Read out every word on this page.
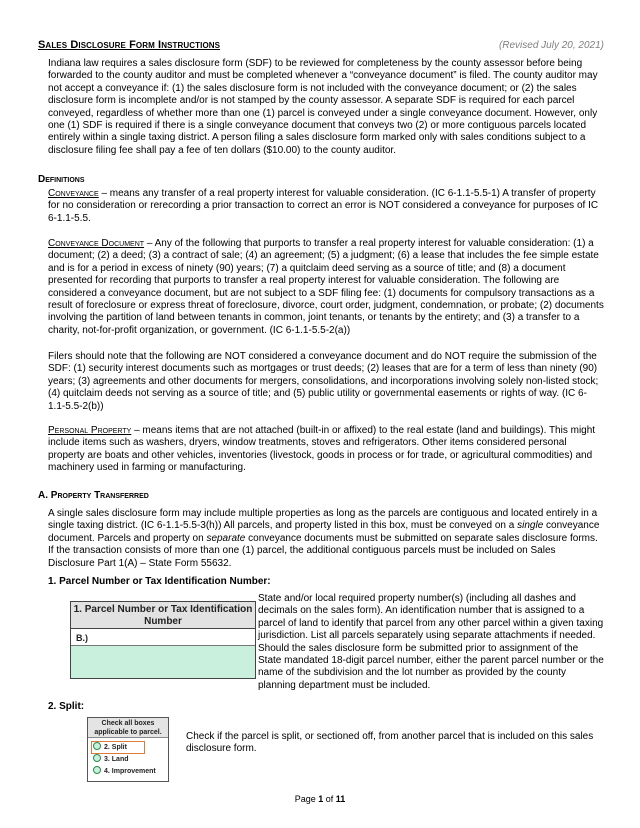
Sales Disclosure Form Instructions	(Revised July 20, 2021)

Indiana law requires a sales disclosure form (SDF) to be reviewed for completeness by the county assessor before being forwarded to the county auditor and must be completed whenever a “conveyance document” is filed. The county auditor may not accept a conveyance if: (1) the sales disclosure form is not included with the conveyance document; or (2) the sales disclosure form is incomplete and/or is not stamped by the county assessor. A separate SDF is required for each parcel conveyed, regardless of whether more than one (1) parcel is conveyed under a single conveyance document. However, only one (1) SDF is required if there is a single conveyance document that conveys two (2) or more contiguous parcels located entirely within a single taxing district. A person filing a sales disclosure form marked only with sales conditions subject to a disclosure filing fee shall pay a fee of ten dollars ($10.00) to the county auditor.

Definitions

Conveyance – means any transfer of a real property interest for valuable consideration. (IC 6-1.1-5.5-1) A transfer of property for no consideration or rerecording a prior transaction to correct an error is NOT considered a conveyance for purposes of IC 6-1.1-5.5.

Conveyance Document – Any of the following that purports to transfer a real property interest for valuable consideration: (1) a document; (2) a deed; (3) a contract of sale; (4) an agreement; (5) a judgment; (6) a lease that includes the fee simple estate and is for a period in excess of ninety (90) years; (7) a quitclaim deed serving as a source of title; and (8) a document presented for recording that purports to transfer a real property interest for valuable consideration. The following are considered a conveyance document, but are not subject to a SDF filing fee: (1) documents for compulsory transactions as a result of foreclosure or express threat of foreclosure, divorce, court order, judgment, condemnation, or probate; (2) documents involving the partition of land between tenants in common, joint tenants, or tenants by the entirety; and (3) a transfer to a charity, not-for-profit organization, or government. (IC 6-1.1-5.5-2(a))

Filers should note that the following are NOT considered a conveyance document and do NOT require the submission of the SDF: (1) security interest documents such as mortgages or trust deeds; (2) leases that are for a term of less than ninety (90) years; (3) agreements and other documents for mergers, consolidations, and incorporations involving solely non-listed stock; (4) quitclaim deeds not serving as a source of title; and (5) public utility or governmental easements or rights of way. (IC 6-1.1-5.5-2(b))

Personal Property – means items that are not attached (built-in or affixed) to the real estate (land and buildings). This might include items such as washers, dryers, window treatments, stoves and refrigerators. Other items considered personal property are boats and other vehicles, inventories (livestock, goods in process or for trade, or agricultural commodities) and machinery used in farming or manufacturing.

A. Property Transferred

A single sales disclosure form may include multiple properties as long as the parcels are contiguous and located entirely in a single taxing district. (IC 6-1.1-5.5-3(h)) All parcels, and property listed in this box, must be conveyed on a single conveyance document. Parcels and property on separate conveyance documents must be submitted on separate sales disclosure forms. If the transaction consists of more than one (1) parcel, the additional contiguous parcels must be included on Sales Disclosure Part 1(A) – State Form 55632.

1. Parcel Number or Tax Identification Number:
1. Parcel Number or Tax Identification Number
B.)

State and/or local required property number(s) (including all dashes and decimals on the sales form). An identification number that is assigned to a parcel of land to identify that parcel from any other parcel within a given taxing jurisdiction. List all parcels separately using separate attachments if needed. Should the sales disclosure form be submitted prior to assignment of the State mandated 18-digit parcel number, either the parent parcel number or the name of the subdivision and the lot number as provided by the county planning department must be included.

2. Split:
Check all boxes applicable to parcel.
2. Split
3. Land
4. Improvement

Check if the parcel is split, or sectioned off, from another parcel that is included on this sales disclosure form.

Page 1 of 11
